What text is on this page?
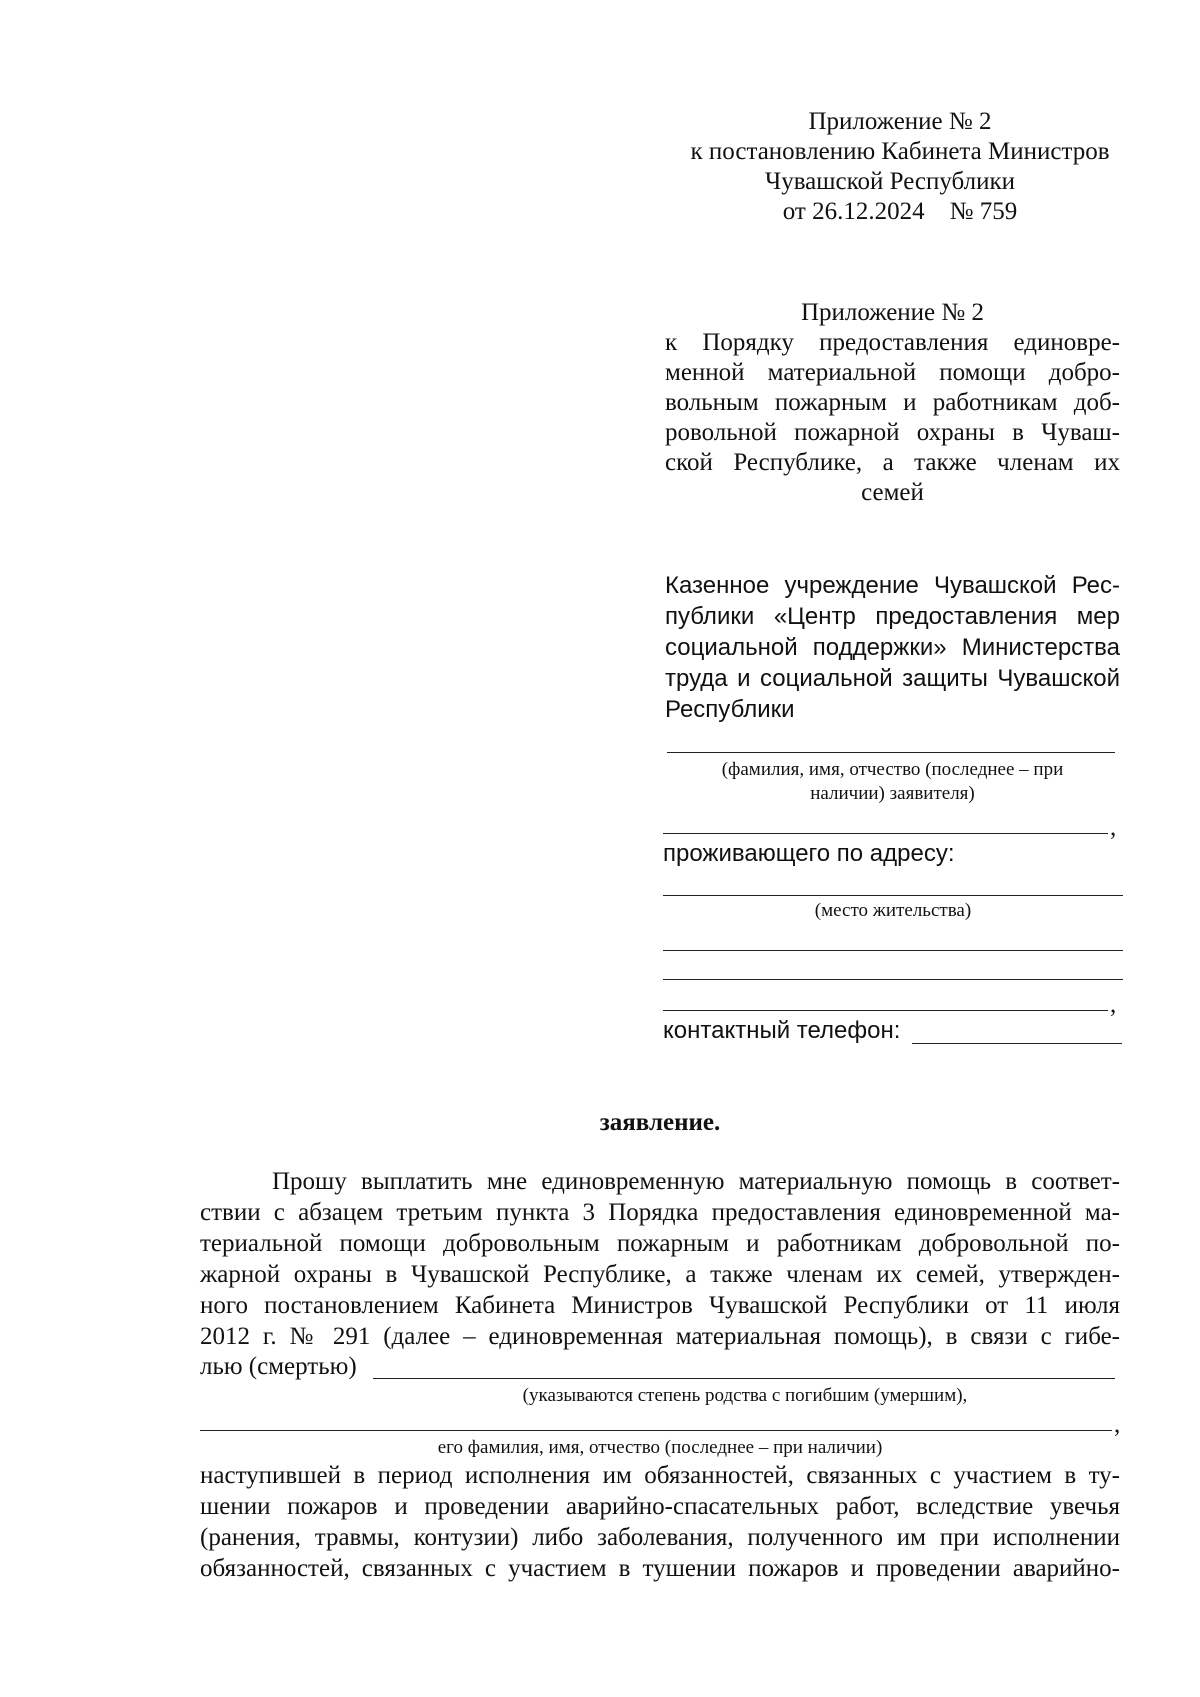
Приложение № 2
к постановлению Кабинета Министров
Чувашской Республики
от 26.12.2024    № 759
Приложение № 2
к Порядку предоставления единовре-
менной материальной помощи добро-
вольным пожарным и работникам доб-
ровольной пожарной охраны в Чуваш-
ской Республике, а также членам их
семей
Казенное учреждение Чувашской Рес-
публики «Центр предоставления мер
социальной поддержки» Министерства
труда и социальной защиты Чувашской
Республики
(фамилия, имя, отчество (последнее – при
наличии) заявителя)
,
проживающего по адресу:
(место жительства)
,
контактный телефон:
заявление.
Прошу выплатить мне единовременную материальную помощь в соответ-
ствии с абзацем третьим пункта 3 Порядка предоставления единовременной ма-
териальной помощи добровольным пожарным и работникам добровольной по-
жарной охраны в Чувашской Республике, а также членам их семей, утвержден-
ного постановлением Кабинета Министров Чувашской Республики от 11 июля
2012 г. № 291 (далее – единовременная материальная помощь), в связи с гибе-
лью (смертью)
(указываются степень родства с погибшим (умершим),
,
его фамилия, имя, отчество (последнее – при наличии)
наступившей в период исполнения им обязанностей, связанных с участием в ту-
шении пожаров и проведении аварийно-спасательных работ, вследствие увечья
(ранения, травмы, контузии) либо заболевания, полученного им при исполнении
обязанностей, связанных с участием в тушении пожаров и проведении аварийно-
